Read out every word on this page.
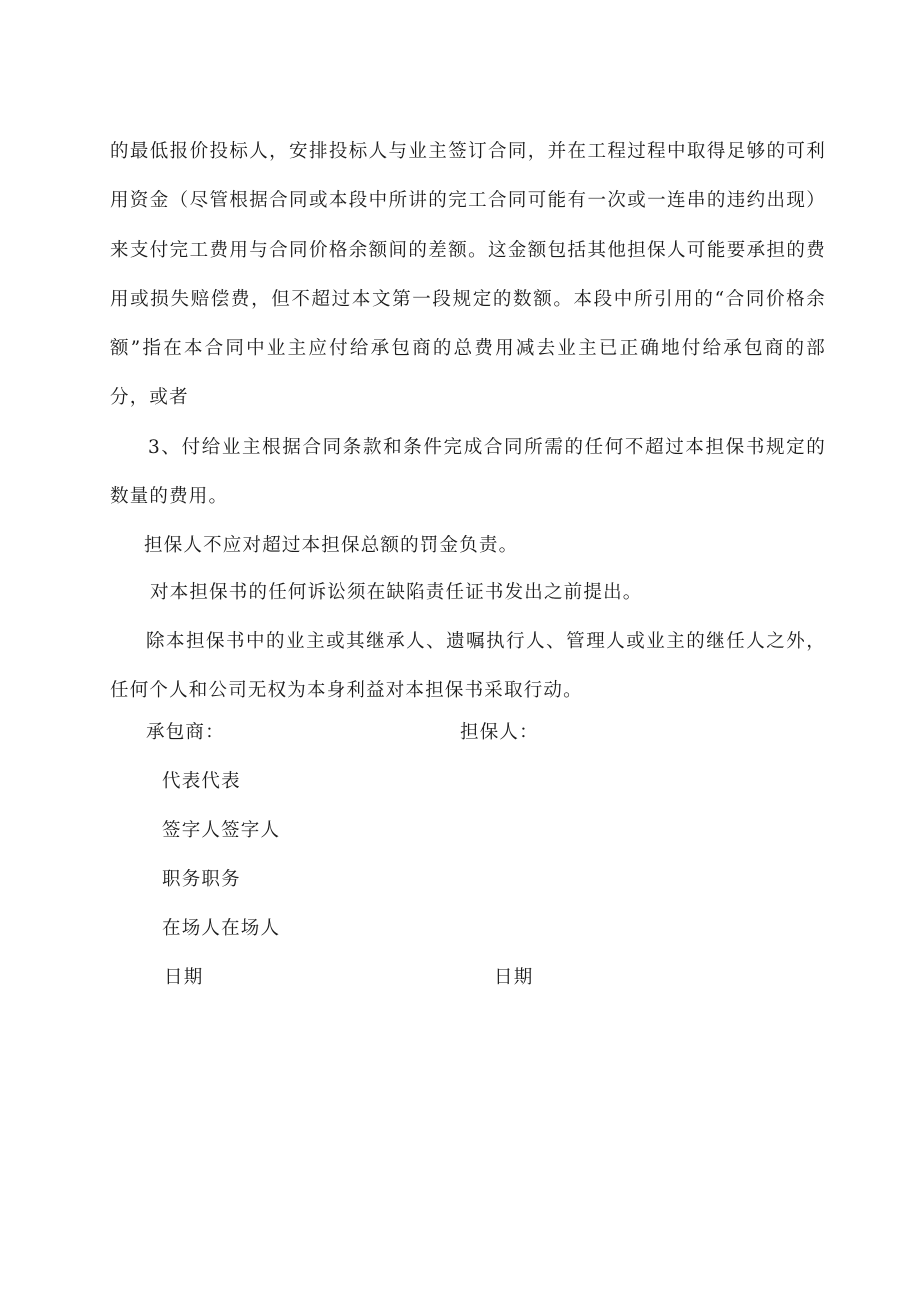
的最低报价投标人，安排投标人与业主签订合同，并在工程过程中取得足够的可利用资金（尽管根据合同或本段中所讲的完工合同可能有一次或一连串的违约出现）来支付完工费用与合同价格余额间的差额。这金额包括其他担保人可能要承担的费用或损失赔偿费，但不超过本文第一段规定的数额。本段中所引用的“合同价格余额”指在本合同中业主应付给承包商的总费用减去业主已正确地付给承包商的部分，或者

3、付给业主根据合同条款和条件完成合同所需的任何不超过本担保书规定的数量的费用。

担保人不应对超过本担保总额的罚金负责。

对本担保书的任何诉讼须在缺陷责任证书发出之前提出。

除本担保书中的业主或其继承人、遗嘱执行人、管理人或业主的继任人之外，任何个人和公司无权为本身利益对本担保书采取行动。

承包商：	担保人：
代表代表
签字人签字人
职务职务
在场人在场人
日期	日期
